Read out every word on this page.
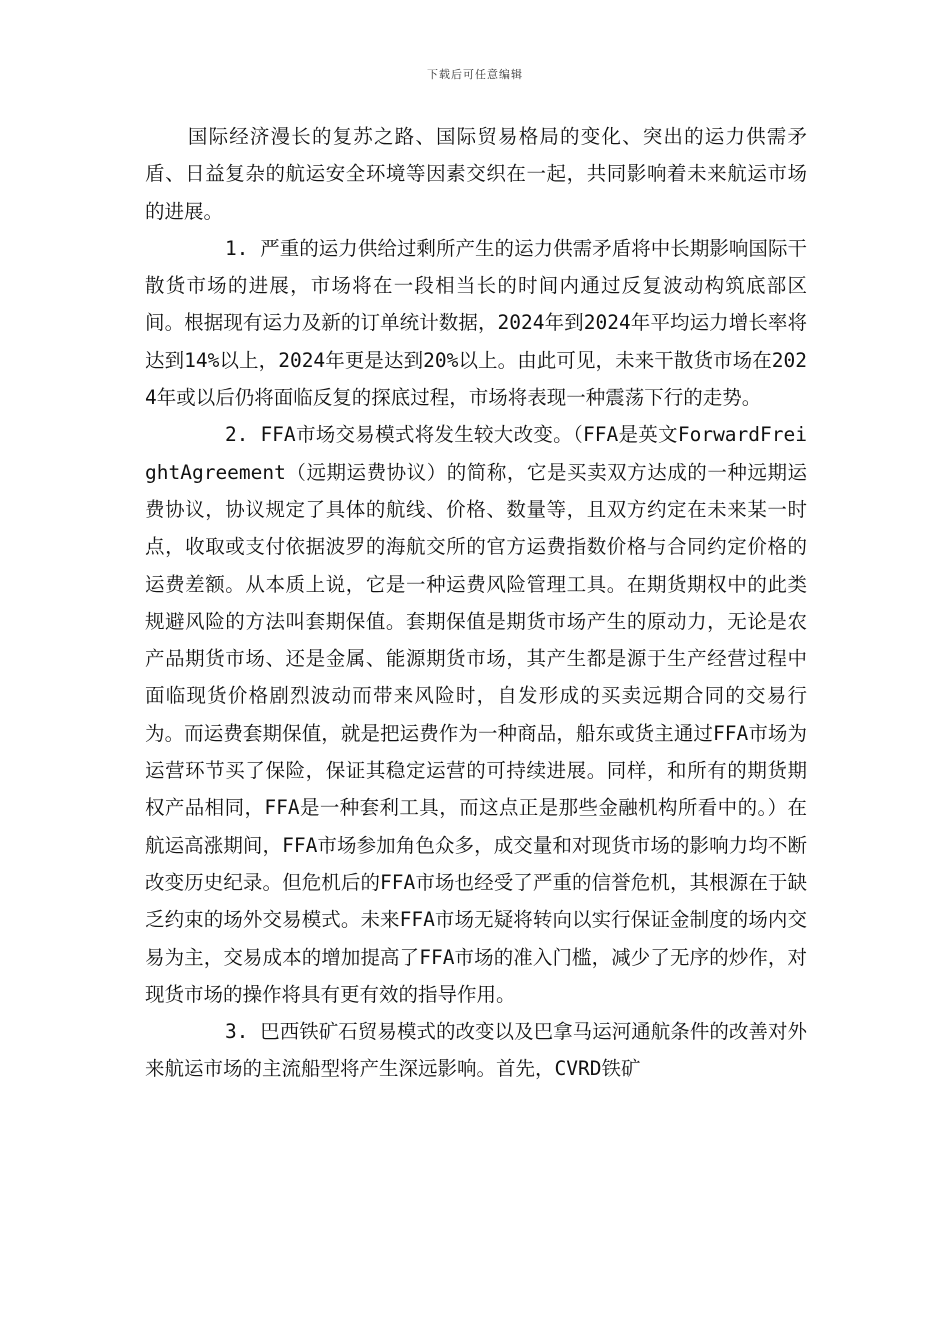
下载后可任意编辑

国际经济漫长的复苏之路、国际贸易格局的变化、突出的运力供需矛盾、日益复杂的航运安全环境等因素交织在一起，共同影响着未来航运市场的进展。

1. 严重的运力供给过剩所产生的运力供需矛盾将中长期影响国际干散货市场的进展，市场将在一段相当长的时间内通过反复波动构筑底部区间。根据现有运力及新的订单统计数据，2024年到2024年平均运力增长率将达到14%以上，2024年更是达到20%以上。由此可见，未来干散货市场在2024年或以后仍将面临反复的探底过程，市场将表现一种震荡下行的走势。

2. FFA市场交易模式将发生较大改变。（FFA是英文ForwardFreightAgreement（远期运费协议）的简称，它是买卖双方达成的一种远期运费协议，协议规定了具体的航线、价格、数量等，且双方约定在未来某一时点，收取或支付依据波罗的海航交所的官方运费指数价格与合同约定价格的运费差额。从本质上说，它是一种运费风险管理工具。在期货期权中的此类规避风险的方法叫套期保值。套期保值是期货市场产生的原动力，无论是农产品期货市场、还是金属、能源期货市场，其产生都是源于生产经营过程中面临现货价格剧烈波动而带来风险时，自发形成的买卖远期合同的交易行为。而运费套期保值，就是把运费作为一种商品，船东或货主通过FFA市场为运营环节买了保险，保证其稳定运营的可持续进展。同样，和所有的期货期权产品相同，FFA是一种套利工具，而这点正是那些金融机构所看中的。）在航运高涨期间，FFA市场参加角色众多，成交量和对现货市场的影响力均不断改变历史纪录。但危机后的FFA市场也经受了严重的信誉危机，其根源在于缺乏约束的场外交易模式。未来FFA市场无疑将转向以实行保证金制度的场内交易为主，交易成本的增加提高了FFA市场的准入门槛，减少了无序的炒作，对现货市场的操作将具有更有效的指导作用。

3. 巴西铁矿石贸易模式的改变以及巴拿马运河通航条件的改善对外来航运市场的主流船型将产生深远影响。首先，CVRD铁矿
